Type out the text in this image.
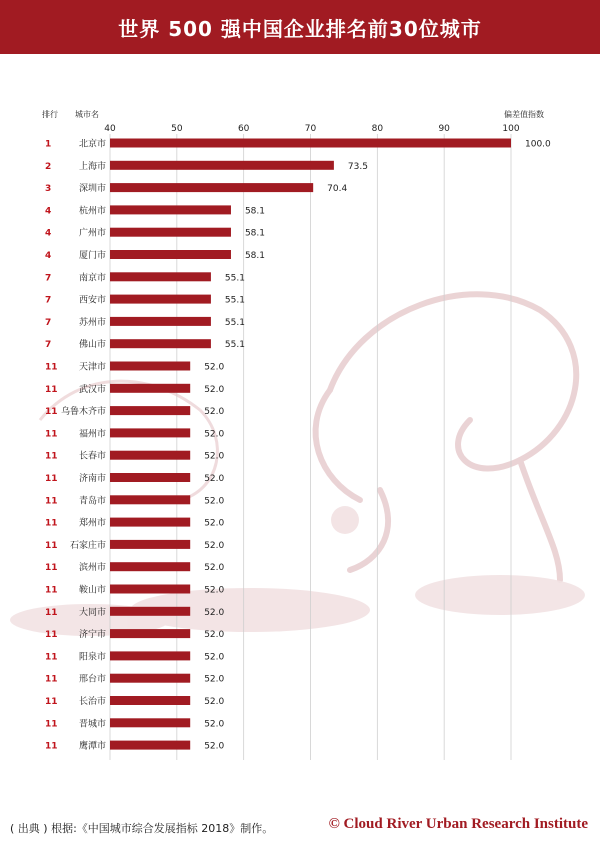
世界 500 强中国企业排名前30位城市
排行 城市名	偏差值指数
40	50	60	70	80	90	100
1	北京市	100.0
2	上海市	73.5
3	深圳市	70.4
4	杭州市	58.1
4	广州市	58.1
4	厦门市	58.1
7	南京市	55.1
7	西安市	55.1
7	苏州市	55.1
7	佛山市	55.1
11 天津市	52.0
11 武汉市	52.0
11 乌鲁木齐市	52.0
11 福州市	52.0
11 长春市	52.0
11 济南市	52.0
11 青岛市	52.0
11 郑州市	52.0
11 石家庄市	52.0
11 滨州市	52.0
11 鞍山市	52.0
11 大同市	52.0
11 济宁市	52.0
11 阳泉市	52.0
11 邢台市	52.0
11 长治市	52.0
11 晋城市	52.0
11 鹰潭市	52.0
( 出典 ) 根据:《中国城市综合发展指标 2018》制作。	© Cloud River Urban Research Institute
